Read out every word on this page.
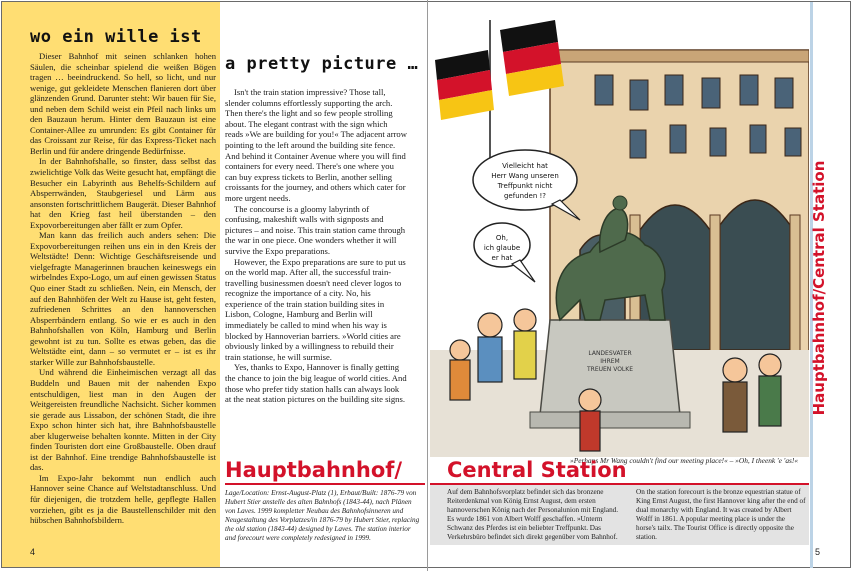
wo ein wille ist

Dieser Bahnhof mit seinen schlanken hohen Säulen, die scheinbar spielend die weißen Bögen tragen … beeindruckend. So hell, so licht, und nur wenige, gut gekleidete Menschen flanieren dort über glänzenden Grund. Darunter steht: Wir bauen für Sie, und neben dem Schild weist ein Pfeil nach links um den Bauzaun herum. Hinter dem Bauzaun ist eine Container-Allee zu umrunden: Es gibt Container für das Croissant zur Reise, für das Express-Ticket nach Berlin und für andere dringende Bedürfnisse.

In der Bahnhofshalle, so finster, dass selbst das zwielichtige Volk das Weite gesucht hat, empfängt die Besucher ein Labyrinth aus Behelfs-Schildern auf Absperrwänden, Staubgeriesel und Lärm aus ansonsten fortschrittlichem Baugerät. Dieser Bahnhof hat den Krieg fast heil überstanden – den Expovorbereitungen aber fällt er zum Opfer.

Man kann das freilich auch anders sehen: Die Expovorbereitungen reihen uns ein in den Kreis der Weltstädte! Denn: Wichtige Geschäftsreisende und vielgefragte Managerinnen brauchen keineswegs ein wirbelndes Expo-Logo, um auf einen gewissen Status Quo einer Stadt zu schließen. Nein, ein Mensch, der auf den Bahnhöfen der Welt zu Hause ist, geht festen, zufriedenen Schrittes an den hannoverschen Absperrbändern entlang. So wie er es auch in den Bahnhofshallen von Köln, Hamburg und Berlin gewohnt ist zu tun. Sollte es etwas geben, das die Weltstädte eint, dann – so vermutet er – ist es ihr starker Wille zur Bahnhofsbaustelle.

Und während die Einheimischen verzagt all das Buddeln und Bauen mit der nahenden Expo entschuldigen, liest man in den Augen der Weitgereisten freundliche Nachsicht. Sicher kommen sie gerade aus Lissabon, der schönen Stadt, die ihre Expo schon hinter sich hat, ihre Bahnhofsbaustelle aber klugerweise behalten konnte. Mitten in der City finden Touristen dort eine Großbaustelle. Oben drauf ist der Bahnhof. Eine trendige Bahnhofsbaustelle ist das.

Im Expo-Jahr bekommt nun endlich auch Hannover seine Chance auf Weltstadtanschluss. Und für diejenigen, die trotzdem helle, gepflegte Hallen vorziehen, gibt es ja die Baustellenschilder mit den hübschen Bahnhofsbildern.

a pretty picture …

Isn't the train station impressive? Those tall, slender columns effortlessly supporting the arch. Then there's the light and so few people strolling about. The elegant contrast with the sign which reads »We are building for you!« The adjacent arrow pointing to the left around the building site fence. And behind it Container Avenue where you will find containers for every need. There's one where you can buy express tickets to Berlin, another selling croissants for the journey, and others which cater for more urgent needs.

The concourse is a gloomy labyrinth of confusing, makeshift walls with signposts and pictures – and noise. This train station came through the war in one piece. One wonders whether it will survive the Expo preparations.

However, the Expo preparations are sure to put us on the world map. After all, the successful train-travelling businessmen doesn't need clever logos to recognize the importance of a city. No, his experience of the train station building sites in Lisbon, Cologne, Hamburg and Berlin will immediately be called to mind when his way is blocked by Hannoverian barriers. »World cities are obviously linked by a willingness to rebuild their train stationse, he will surmise.

Yes, thanks to Expo, Hannover is finally getting the chance to join the big league of world cities. And those who prefer tidy station halls can always look at the neat station pictures on the building site signs.

Hauptbahnhof/
Lage/Location: Ernst-August-Platz (1), Erbaut/Built: 1876-79 von Hubert Stier anstelle des alten Bahnhofs (1843-44), nach Plänen von Laves. 1999 kompletter Neubau des Bahnhofsinneren und Neugestaltung des Vorplatzes/in 1876-79 by Hubert Stier, replacing the old station (1843-44) designed by Laves. The station interior and forecourt were completely redesigned in 1999.
4
Hauptbahnhof/Central Station
Vielleicht hat
Herr Wang unseren
Treffpunkt nicht
gefunden !?
Oh,
ich glaube
er hat
LANDESVATER
IHREM
TREUEN VOLKE
»Perhaps Mr Wang couldn't find our meeting place!« – »Oh, I theenk 'e 'as!«
Central Station
Auf dem Bahnhofsvorplatz befindet sich das bronzene Reiterdenkmal von König Ernst August, dem ersten hannoverschen König nach der Personalunion mit England. Es wurde 1861 von Albert Wolff geschaffen. »Unterm Schwanz des Pferdes ist ein beliebter Treffpunkt. Das Verkehrsbüro befindet sich direkt gegenüber vom Bahnhof.
On the station forecourt is the bronze equestrian statue of King Ernst August, the first Hannover king after the end of dual monarchy with England. It was created by Albert Wolff in 1861. A popular meeting place is under the horse's tailx. The Tourist Office is directly opposite the station.
5
